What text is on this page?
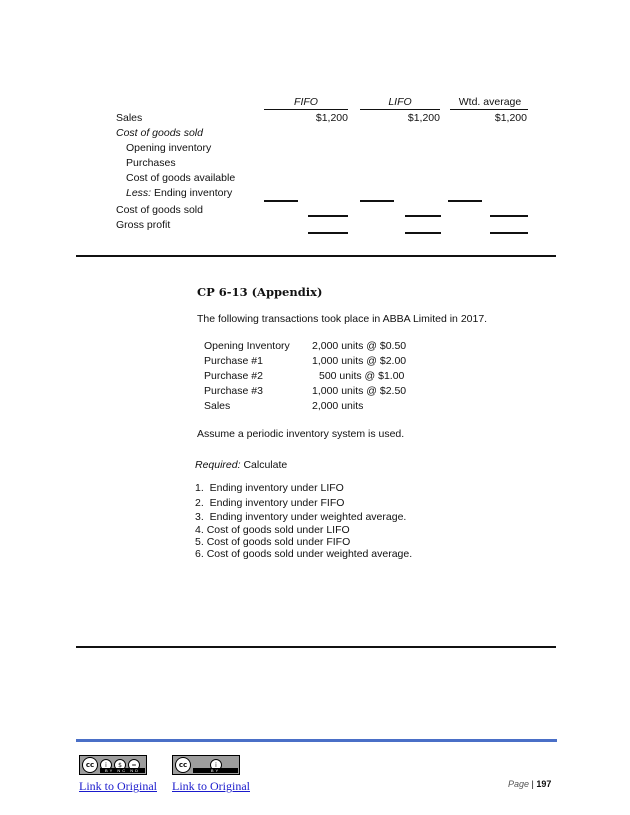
FIFO	LIFO	Wtd. average
Sales	$1,200	$1,200	$1,200
Cost of goods sold
Opening inventory
Purchases
Cost of goods available
Less: Ending inventory
Cost of goods sold
Gross profit
CP 6-13 (Appendix)
The following transactions took place in ABBA Limited in 2017.
Opening Inventory 2,000 units @ $0.50
Purchase #1	1,000 units @ $2.00
Purchase #2	500 units @ $1.00
Purchase #3	1,000 units @ $2.50
Sales	2,000 units
Assume a periodic inventory system is used.
Required: Calculate
1. Ending inventory under LIFO
2. Ending inventory under FIFO
3. Ending inventory under weighted average.
4. Cost of goods sold under LIFO
5. Cost of goods sold under FIFO
6. Cost of goods sold under weighted average.
cc	i	$	=
BY NC ND
cc	i
BY
Link to Original Link to Original	Page | 197
